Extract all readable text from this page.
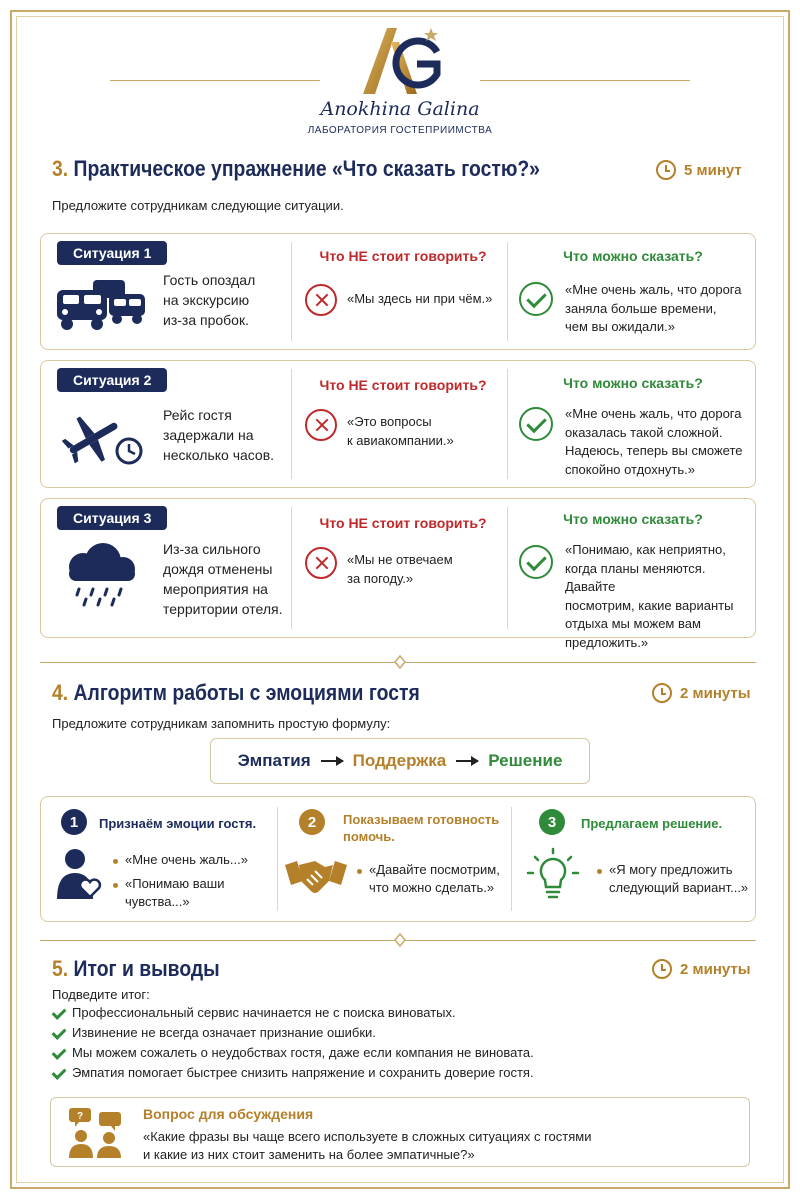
Anokhina Galina
ЛАБОРАТОРИЯ ГОСТЕПРИИМСТВА
3. Практическое упражнение «Что сказать гостю?»	5 минут
Предложите сотрудникам следующие ситуации.
Ситуация 1
Гость опоздал
на экскурсию
из-за пробок.
Что НЕ стоит говорить?
«Мы здесь ни при чём.»
Что можно сказать?
«Мне очень жаль, что дорога
заняла больше времени,
чем вы ожидали.»
Ситуация 2
Рейс гостя
задержали на
несколько часов.
Что НЕ стоит говорить?
«Это вопросы
к авиакомпании.»
Что можно сказать?
«Мне очень жаль, что дорога
оказалась такой сложной.
Надеюсь, теперь вы сможете
спокойно отдохнуть.»
Ситуация 3
Из-за сильного
дождя отменены
мероприятия на
территории отеля.
Что НЕ стоит говорить?
«Мы не отвечаем
за погоду.»
Что можно сказать?
«Понимаю, как неприятно,
когда планы меняются. Давайте
посмотрим, какие варианты
отдыха мы можем вам
предложить.»
4. Алгоритм работы с эмоциями гостя	2 минуты
Предложите сотрудникам запомнить простую формулу:
Эмпатия Поддержка Решение
1	Признаём эмоции гостя.
«Мне очень жаль...»
«Понимаю ваши
чувства...»
2	Показываем готовность
помочь.
«Давайте посмотрим,
что можно сделать.»
3	Предлагаем решение.
«Я могу предложить
следующий вариант...»
5. Итог и выводы	2 минуты
Подведите итог:
Профессиональный сервис начинается не с поиска виноватых.
Извинение не всегда означает признание ошибки.
Мы можем сожалеть о неудобствах гостя, даже если компания не виновата.
Эмпатия помогает быстрее снизить напряжение и сохранить доверие гостя.
?	Вопрос для обсуждения
«Какие фразы вы чаще всего используете в сложных ситуациях с гостями
и какие из них стоит заменить на более эмпатичные?»
